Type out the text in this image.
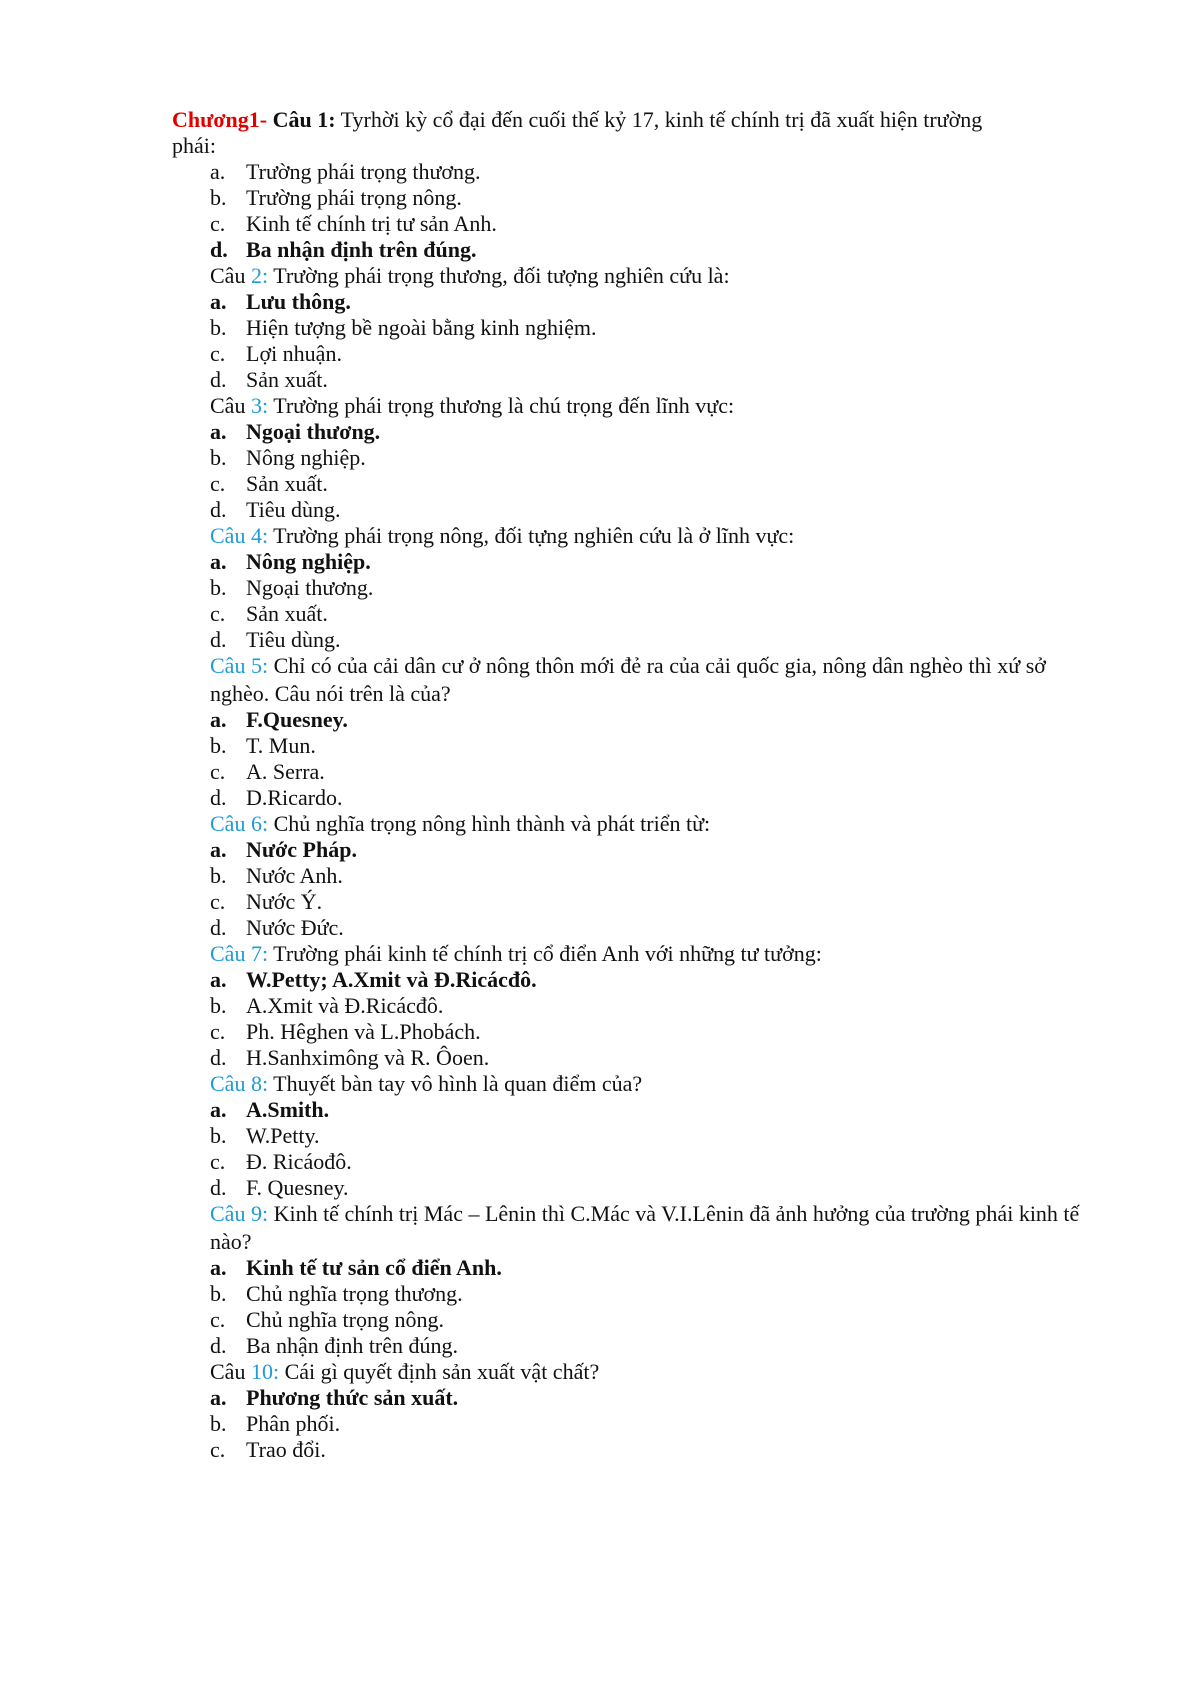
Chương1- Câu 1: Tyrhời kỳ cổ đại đến cuối thế kỷ 17, kinh tế chính trị đã xuất hiện trường
phái:
a. Trường phái trọng thương.
b. Trường phái trọng nông.
c. Kinh tế chính trị tư sản Anh.
d. Ba nhận định trên đúng.
Câu 2: Trường phái trọng thương, đối tượng nghiên cứu là:
a. Lưu thông.
b. Hiện tượng bề ngoài bằng kinh nghiệm.
c. Lợi nhuận.
d. Sản xuất.
Câu 3: Trường phái trọng thương là chú trọng đến lĩnh vực:
a. Ngoại thương.
b. Nông nghiệp.
c. Sản xuất.
d. Tiêu dùng.
Câu 4: Trường phái trọng nông, đối tựng nghiên cứu là ở lĩnh vực:
a. Nông nghiệp.
b. Ngoại thương.
c. Sản xuất.
d. Tiêu dùng.
Câu 5: Chỉ có của cải dân cư ở nông thôn mới đẻ ra của cải quốc gia, nông dân nghèo thì xứ sở nghèo. Câu nói trên là của?
a. F.Quesney.
b. T. Mun.
c. A. Serra.
d. D.Ricardo.
Câu 6: Chủ nghĩa trọng nông hình thành và phát triển từ:
a. Nước Pháp.
b. Nước Anh.
c. Nước Ý.
d. Nước Đức.
Câu 7: Trường phái kinh tế chính trị cổ điển Anh với những tư tưởng:
a. W.Petty; A.Xmit và Đ.Ricácđô.
b. A.Xmit và Đ.Ricácđô.
c. Ph. Hêghen và L.Phobách.
d. H.Sanhximông và R. Ôoen.
Câu 8: Thuyết bàn tay vô hình là quan điểm của?
a. A.Smith.
b. W.Petty.
c. Đ. Ricáođô.
d. F. Quesney.
Câu 9: Kinh tế chính trị Mác – Lênin thì C.Mác và V.I.Lênin đã ảnh hưởng của trường phái kinh tế nào?
a. Kinh tế tư sản cổ điển Anh.
b. Chủ nghĩa trọng thương.
c. Chủ nghĩa trọng nông.
d. Ba nhận định trên đúng.
Câu 10: Cái gì quyết định sản xuất vật chất?
a. Phương thức sản xuất.
b. Phân phối.
c. Trao đổi.
